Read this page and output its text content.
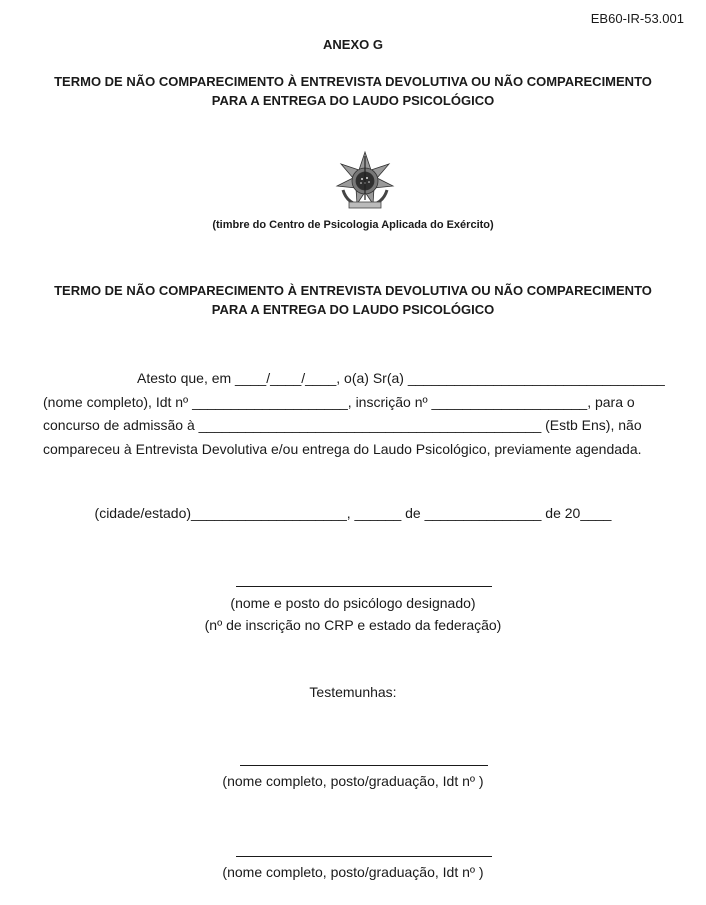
EB60-IR-53.001
ANEXO G
TERMO DE NÃO COMPARECIMENTO À ENTREVISTA DEVOLUTIVA OU NÃO COMPARECIMENTO
PARA A ENTREGA DO LAUDO PSICOLÓGICO
(timbre do Centro de Psicologia Aplicada do Exército)
TERMO DE NÃO COMPARECIMENTO À ENTREVISTA DEVOLUTIVA OU NÃO COMPARECIMENTO
PARA A ENTREGA DO LAUDO PSICOLÓGICO
Atesto que, em ____/____/____, o(a) Sr(a) _________________________________
(nome completo), Idt nº ____________________, inscrição nº ____________________, para o
concurso de admissão à ____________________________________________ (Estb Ens), não
compareceu à Entrevista Devolutiva e/ou entrega do Laudo Psicológico, previamente agendada.
(cidade/estado)____________________, ______ de _______________ de 20____
(nome e posto do psicólogo designado)
(nº de inscrição no CRP e estado da federação)
Testemunhas:
(nome completo, posto/graduação, Idt nº )
(nome completo, posto/graduação, Idt nº )
